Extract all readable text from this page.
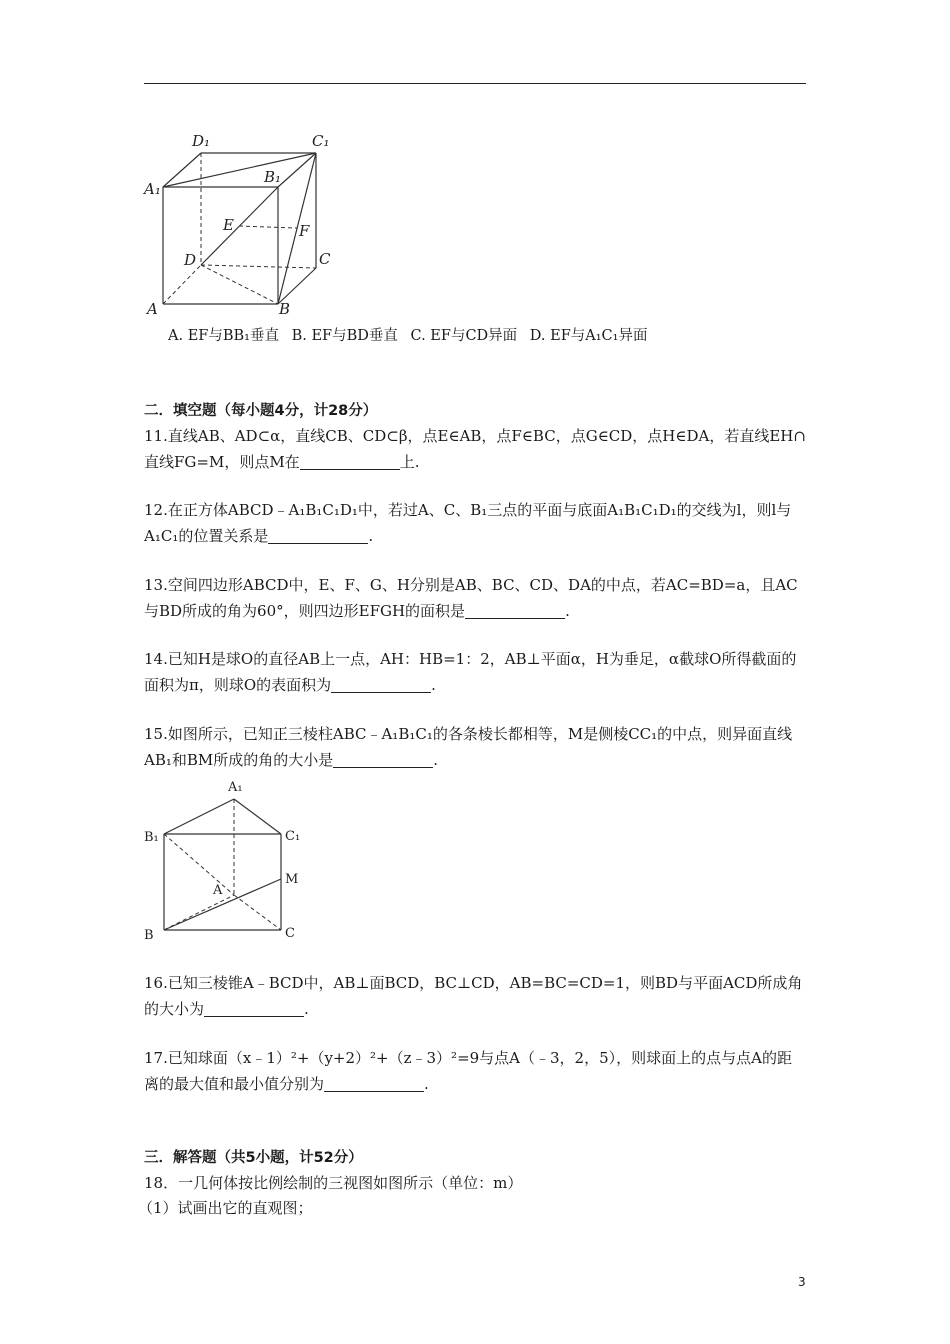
D₁	C₁
A₁
B₁
E	F
D	C
A	B
A. EF与BB₁垂直 B. EF与BD垂直 C. EF与CD异面 D. EF与A₁C₁异面
二．填空题（每小题4分，计28分）
11.直线AB、AD⊂α，直线CB、CD⊂β，点E∈AB，点F∈BC，点G∈CD，点H∈DA，若直线EH∩直线FG=M，则点M在	上.
12.在正方体ABCD﹣A₁B₁C₁D₁中，若过A、C、B₁三点的平面与底面A₁B₁C₁D₁的交线为l，则l与A₁C₁的位置关系是	.
13.空间四边形ABCD中，E、F、G、H分别是AB、BC、CD、DA的中点，若AC=BD=a，且AC与BD所成的角为60°，则四边形EFGH的面积是	.
14.已知H是球O的直径AB上一点，AH：HB=1：2，AB⊥平面α，H为垂足，α截球O所得截面的面积为π，则球O的表面积为	.
15.如图所示，已知正三棱柱ABC﹣A₁B₁C₁的各条棱长都相等，M是侧棱CC₁的中点，则异面直线AB₁和BM所成的角的大小是	.
A₁
B₁	C₁
A
M
B	C
16.已知三棱锥A﹣BCD中，AB⊥面BCD，BC⊥CD，AB=BC=CD=1，则BD与平面ACD所成角的大小为	.
17.已知球面（x﹣1）²+（y+2）²+（z﹣3）²=9与点A（﹣3，2，5），则球面上的点与点A的距离的最大值和最小值分别为	.
三．解答题（共5小题，计52分）
18．一几何体按比例绘制的三视图如图所示（单位：m）
（1）试画出它的直观图；
3
